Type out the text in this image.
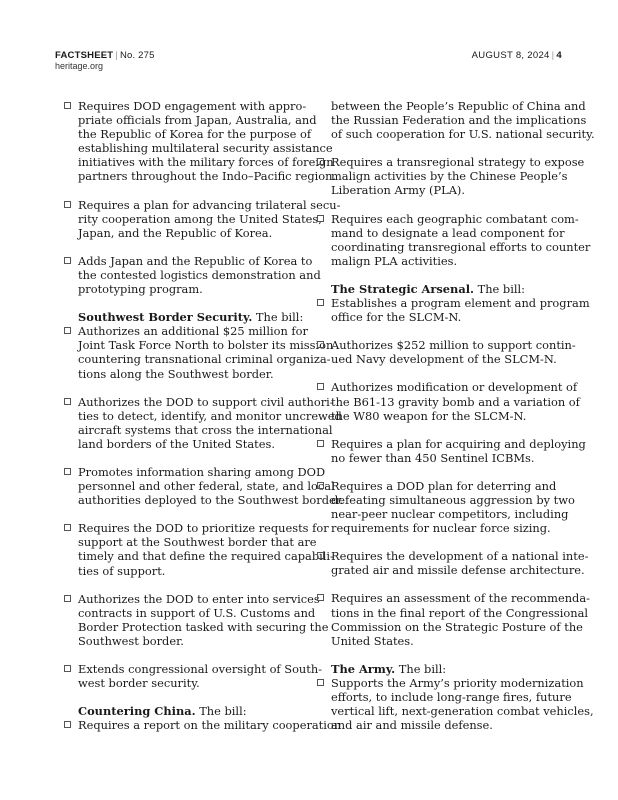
FACTSHEET | No. 275
heritage.org
AUGUST 8, 2024 | 4
Requires DOD engagement with appro-
priate officials from Japan, Australia, and
the Republic of Korea for the purpose of
establishing multilateral security assistance
initiatives with the military forces of foreign
partners throughout the Indo–Pacific region.
Requires a plan for advancing trilateral secu-
rity cooperation among the United States,
Japan, and the Republic of Korea.
Adds Japan and the Republic of Korea to
the contested logistics demonstration and
prototyping program.
Southwest Border Security. The bill:
Authorizes an additional $25 million for
Joint Task Force North to bolster its mission
countering transnational criminal organiza-
tions along the Southwest border.
Authorizes the DOD to support civil authori-
ties to detect, identify, and monitor uncrewed
aircraft systems that cross the international
land borders of the United States.
Promotes information sharing among DOD
personnel and other federal, state, and local
authorities deployed to the Southwest border.
Requires the DOD to prioritize requests for
support at the Southwest border that are
timely and that define the required capabili-
ties of support.
Authorizes the DOD to enter into services
contracts in support of U.S. Customs and
Border Protection tasked with securing the
Southwest border.
Extends congressional oversight of South-
west border security.
Countering China. The bill:
Requires a report on the military cooperation
between the People’s Republic of China and
the Russian Federation and the implications
of such cooperation for U.S. national security.
Requires a transregional strategy to expose
malign activities by the Chinese People’s
Liberation Army (PLA).
Requires each geographic combatant com-
mand to designate a lead component for
coordinating transregional efforts to counter
malign PLA activities.
The Strategic Arsenal. The bill:
Establishes a program element and program
office for the SLCM-N.
Authorizes $252 million to support contin-
ued Navy development of the SLCM-N.
Authorizes modification or development of
the B61-13 gravity bomb and a variation of
the W80 weapon for the SLCM-N.
Requires a plan for acquiring and deploying
no fewer than 450 Sentinel ICBMs.
Requires a DOD plan for deterring and
defeating simultaneous aggression by two
near-peer nuclear competitors, including
requirements for nuclear force sizing.
Requires the development of a national inte-
grated air and missile defense architecture.
Requires an assessment of the recommenda-
tions in the final report of the Congressional
Commission on the Strategic Posture of the
United States.
The Army. The bill:
Supports the Army’s priority modernization
efforts, to include long-range fires, future
vertical lift, next-generation combat vehicles,
and air and missile defense.
